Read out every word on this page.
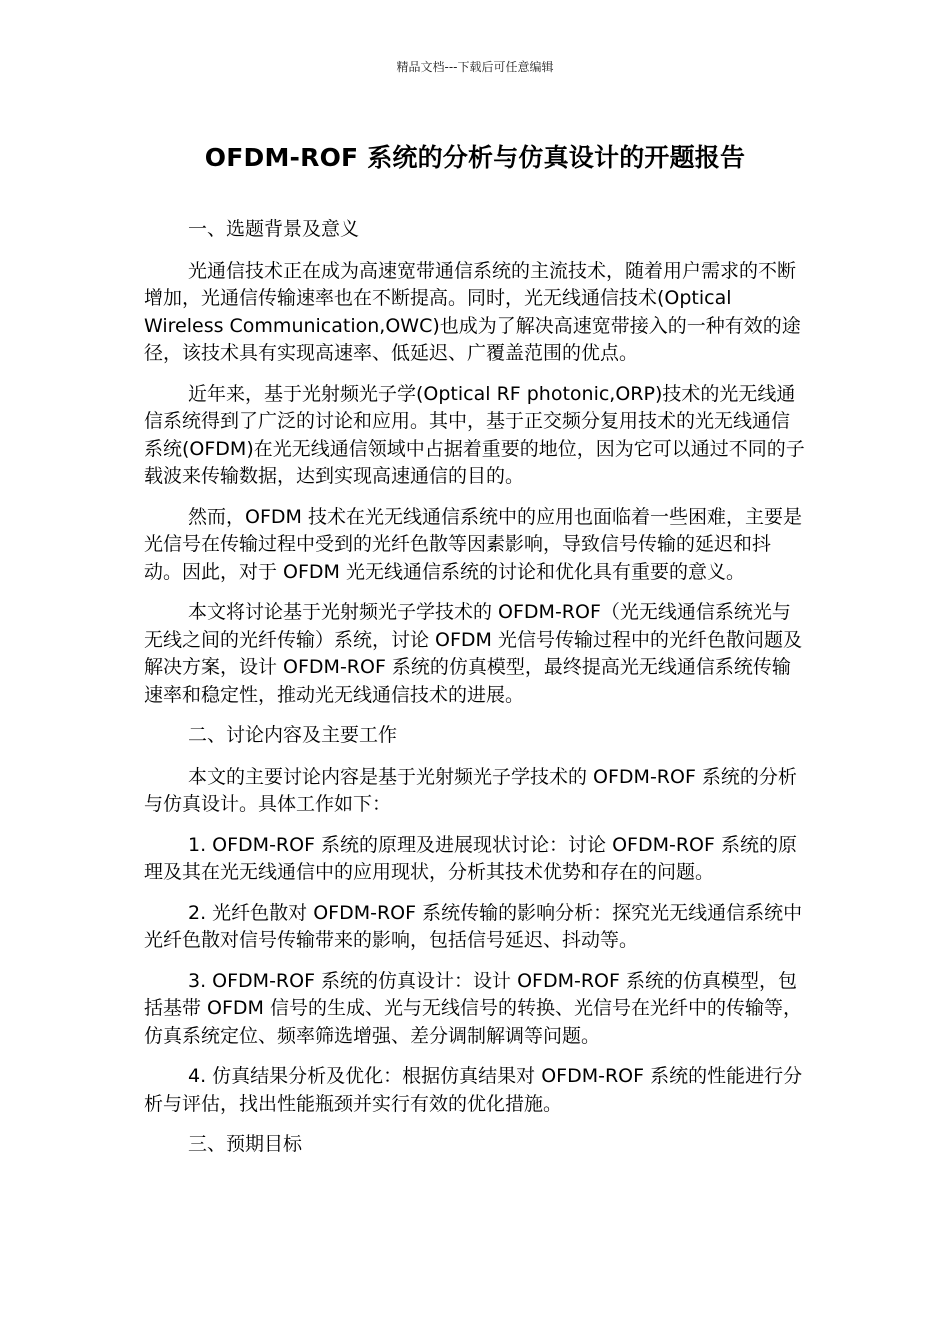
精品文档---下载后可任意编辑
OFDM-ROF 系统的分析与仿真设计的开题报告

一、选题背景及意义

光通信技术正在成为高速宽带通信系统的主流技术，随着用户需求的不断增加，光通信传输速率也在不断提高。同时，光无线通信技术(Optical Wireless Communication,OWC)也成为了解决高速宽带接入的一种有效的途径，该技术具有实现高速率、低延迟、广覆盖范围的优点。

近年来，基于光射频光子学(Optical RF photonic,ORP)技术的光无线通信系统得到了广泛的讨论和应用。其中，基于正交频分复用技术的光无线通信系统(OFDM)在光无线通信领域中占据着重要的地位，因为它可以通过不同的子载波来传输数据，达到实现高速通信的目的。

然而，OFDM 技术在光无线通信系统中的应用也面临着一些困难，主要是光信号在传输过程中受到的光纤色散等因素影响，导致信号传输的延迟和抖动。因此，对于 OFDM 光无线通信系统的讨论和优化具有重要的意义。

本文将讨论基于光射频光子学技术的 OFDM-ROF（光无线通信系统光与无线之间的光纤传输）系统，讨论 OFDM 光信号传输过程中的光纤色散问题及解决方案，设计 OFDM-ROF 系统的仿真模型，最终提高光无线通信系统传输速率和稳定性，推动光无线通信技术的进展。

二、讨论内容及主要工作

本文的主要讨论内容是基于光射频光子学技术的 OFDM-ROF 系统的分析与仿真设计。具体工作如下：

1. OFDM-ROF 系统的原理及进展现状讨论：讨论 OFDM-ROF 系统的原理及其在光无线通信中的应用现状，分析其技术优势和存在的问题。

2. 光纤色散对 OFDM-ROF 系统传输的影响分析：探究光无线通信系统中光纤色散对信号传输带来的影响，包括信号延迟、抖动等。

3. OFDM-ROF 系统的仿真设计：设计 OFDM-ROF 系统的仿真模型，包括基带 OFDM 信号的生成、光与无线信号的转换、光信号在光纤中的传输等，仿真系统定位、频率筛选增强、差分调制解调等问题。

4. 仿真结果分析及优化：根据仿真结果对 OFDM-ROF 系统的性能进行分析与评估，找出性能瓶颈并实行有效的优化措施。

三、预期目标
